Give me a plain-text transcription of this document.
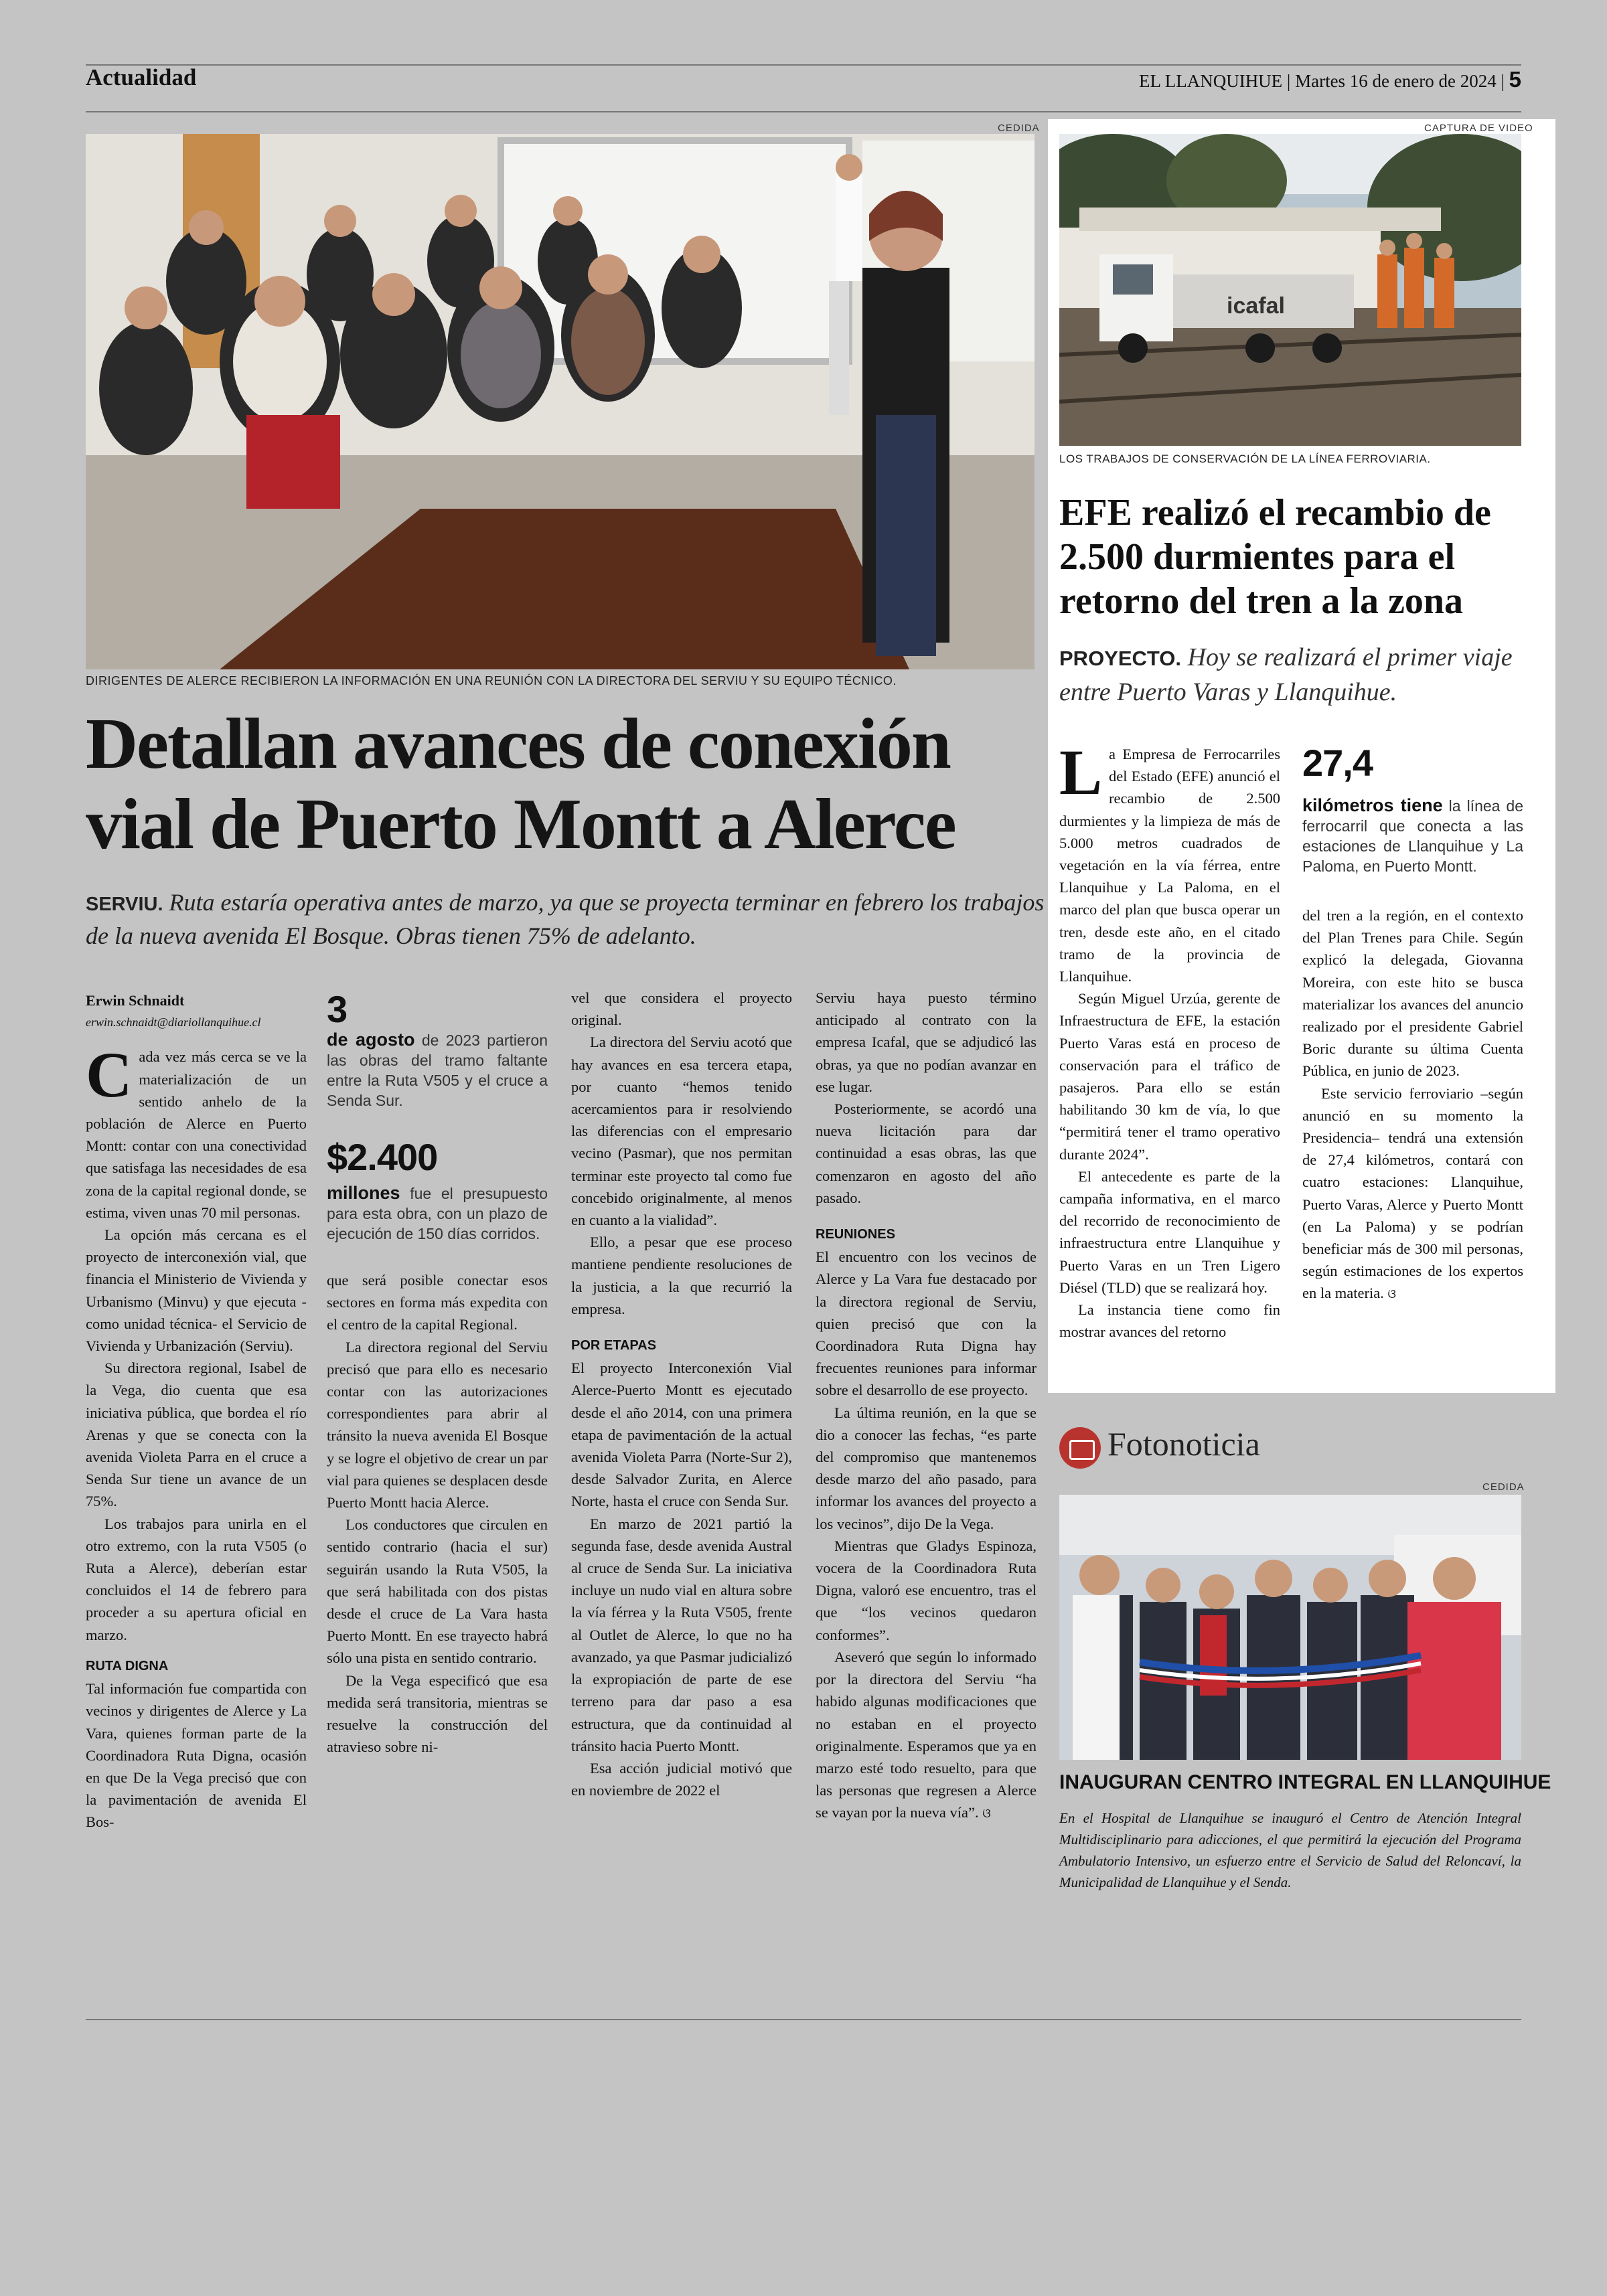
Actualidad	EL LLANQUIHUE | Martes 16 de enero de 2024 | 5
CEDIDA
DIRIGENTES DE ALERCE RECIBIERON LA INFORMACIÓN EN UNA REUNIÓN CON LA DIRECTORA DEL SERVIU Y SU EQUIPO TÉCNICO.
Detallan avances de conexión vial de Puerto Montt a Alerce
SERVIU. Ruta estaría operativa antes de marzo, ya que se proyecta terminar en febrero los trabajos de la nueva avenida El Bosque. Obras tienen 75% de adelanto.
Erwin Schnaidt
erwin.schnaidt@diariollanquihue.cl

Cada vez más cerca se ve la materialización de un sentido anhelo de la población de Alerce en Puerto Montt: contar con una conectividad que satisfaga las necesidades de esa zona de la capital regional donde, se estima, viven unas 70 mil personas.

La opción más cercana es el proyecto de interconexión vial, que financia el Ministerio de Vivienda y Urbanismo (Minvu) y que ejecuta -como unidad técnica- el Servicio de Vivienda y Urbanización (Serviu).

Su directora regional, Isabel de la Vega, dio cuenta que esa iniciativa pública, que bordea el río Arenas y que se conecta con la avenida Violeta Parra en el cruce a Senda Sur tiene un avance de un 75%.

Los trabajos para unirla en el otro extremo, con la ruta V505 (o Ruta a Alerce), deberían estar concluidos el 14 de febrero para proceder a su apertura oficial en marzo.

RUTA DIGNA

Tal información fue compartida con vecinos y dirigentes de Alerce y La Vara, quienes forman parte de la Coordinadora Ruta Digna, ocasión en que De la Vega precisó que con la pavimentación de avenida El Bos-

3
de agosto de 2023 partieron las obras del tramo faltante entre la Ruta V505 y el cruce a Senda Sur.
$2.400
millones fue el presupuesto para esta obra, con un plazo de ejecución de 150 días corridos.

que será posible conectar esos sectores en forma más expedita con el centro de la capital Regional.

La directora regional del Serviu precisó que para ello es necesario contar con las autorizaciones correspondientes para abrir al tránsito la nueva avenida El Bosque y se logre el objetivo de crear un par vial para quienes se desplacen desde Puerto Montt hacia Alerce.

Los conductores que circulen en sentido contrario (hacia el sur) seguirán usando la Ruta V505, la que será habilitada con dos pistas desde el cruce de La Vara hasta Puerto Montt. En ese trayecto habrá sólo una pista en sentido contrario.

De la Vega especificó que esa medida será transitoria, mientras se resuelve la construcción del atravieso sobre ni-

vel que considera el proyecto original.

La directora del Serviu acotó que hay avances en esa tercera etapa, por cuanto “hemos tenido acercamientos para ir resolviendo las diferencias con el empresario vecino (Pasmar), que nos permitan terminar este proyecto tal como fue concebido originalmente, al menos en cuanto a la vialidad”.

Ello, a pesar que ese proceso mantiene pendiente resoluciones de la justicia, a la que recurrió la empresa.

POR ETAPAS

El proyecto Interconexión Vial Alerce-Puerto Montt es ejecutado desde el año 2014, con una primera etapa de pavimentación de la actual avenida Violeta Parra (Norte-Sur 2), desde Salvador Zurita, en Alerce Norte, hasta el cruce con Senda Sur.

En marzo de 2021 partió la segunda fase, desde avenida Austral al cruce de Senda Sur. La iniciativa incluye un nudo vial en altura sobre la vía férrea y la Ruta V505, frente al Outlet de Alerce, lo que no ha avanzado, ya que Pasmar judicializó la expropiación de parte de ese terreno para dar paso a esa estructura, que da continuidad al tránsito hacia Puerto Montt.

Esa acción judicial motivó que en noviembre de 2022 el

Serviu haya puesto término anticipado al contrato con la empresa Icafal, que se adjudicó las obras, ya que no podían avanzar en ese lugar.

Posteriormente, se acordó una nueva licitación para dar continuidad a esas obras, las que comenzaron en agosto del año pasado.

REUNIONES

El encuentro con los vecinos de Alerce y La Vara fue destacado por la directora regional de Serviu, quien precisó que con la Coordinadora Ruta Digna hay frecuentes reuniones para informar sobre el desarrollo de ese proyecto.

La última reunión, en la que se dio a conocer las fechas, “es parte del compromiso que mantenemos desde marzo del año pasado, para informar los avances del proyecto a los vecinos”, dijo De la Vega.

Mientras que Gladys Espinoza, vocera de la Coordinadora Ruta Digna, valoró ese encuentro, tras el que “los vecinos quedaron conformes”.

Aseveró que según lo informado por la directora del Serviu “ha habido algunas modificaciones que no estaban en el proyecto originalmente. Esperamos que ya en marzo esté todo resuelto, para que las personas que regresen a Alerce se vayan por la nueva vía”. ଓ

CAPTURA DE VIDEO
icafal
LOS TRABAJOS DE CONSERVACIÓN DE LA LÍNEA FERROVIARIA.
EFE realizó el recambio de 2.500 durmientes para el retorno del tren a la zona
PROYECTO. Hoy se realizará el primer viaje entre Puerto Varas y Llanquihue.

La Empresa de Ferrocarriles del Estado (EFE) anunció el recambio de 2.500 durmientes y la limpieza de más de 5.000 metros cuadrados de vegetación en la vía férrea, entre Llanquihue y La Paloma, en el marco del plan que busca operar un tren, desde este año, en el citado tramo de la provincia de Llanquihue.

Según Miguel Urzúa, gerente de Infraestructura de EFE, la estación Puerto Varas está en proceso de conservación para el tráfico de pasajeros. Para ello se están habilitando 30 km de vía, lo que “permitirá tener el tramo operativo durante 2024”.

El antecedente es parte de la campaña informativa, en el marco del recorrido de reconocimiento de infraestructura entre Llanquihue y Puerto Varas en un Tren Ligero Diésel (TLD) que se realizará hoy.

La instancia tiene como fin mostrar avances del retorno

27,4
kilómetros tiene la línea de ferrocarril que conecta a las estaciones de Llanquihue y La Paloma, en Puerto Montt.

del tren a la región, en el contexto del Plan Trenes para Chile. Según explicó la delegada, Giovanna Moreira, con este hito se busca materializar los avances del anuncio realizado por el presidente Gabriel Boric durante su última Cuenta Pública, en junio de 2023.

Este servicio ferroviario –según anunció en su momento la Presidencia– tendrá una extensión de 27,4 kilómetros, contará con cuatro estaciones: Llanquihue, Puerto Varas, Alerce y Puerto Montt (en La Paloma) y se podrían beneficiar más de 300 mil personas, según estimaciones de los expertos en la materia. ଓ

Fotonoticia
CEDIDA
INAUGURAN CENTRO INTEGRAL EN LLANQUIHUE
En el Hospital de Llanquihue se inauguró el Centro de Atención Integral Multidisciplinario para adicciones, el que permitirá la ejecución del Programa Ambulatorio Intensivo, un esfuerzo entre el Servicio de Salud del Reloncaví, la Municipalidad de Llanquihue y el Senda.
